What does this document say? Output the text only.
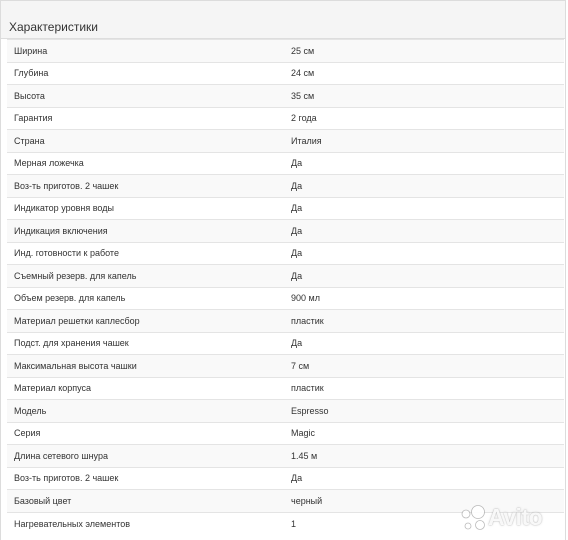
Характеристики
Ширина	25 см
Глубина	24 см
Высота	35 см
Гарантия	2 года
Страна	Италия
Мерная ложечка	Да
Воз-ть приготов. 2 чашек	Да
Индикатор уровня воды	Да
Индикация включения	Да
Инд. готовности к работе	Да
Съемный резерв. для капель	Да
Объем резерв. для капель	900 мл
Материал решетки каплесбор	пластик
Подст. для хранения чашек	Да
Максимальная высота чашки	7 см
Материал корпуса	пластик
Модель	Espresso
Серия	Magic
Длина сетевого шнура	1.45 м
Воз-ть приготов. 2 чашек	Да
Базовый цвет	черный
Нагревательных элементов	1	Avito
